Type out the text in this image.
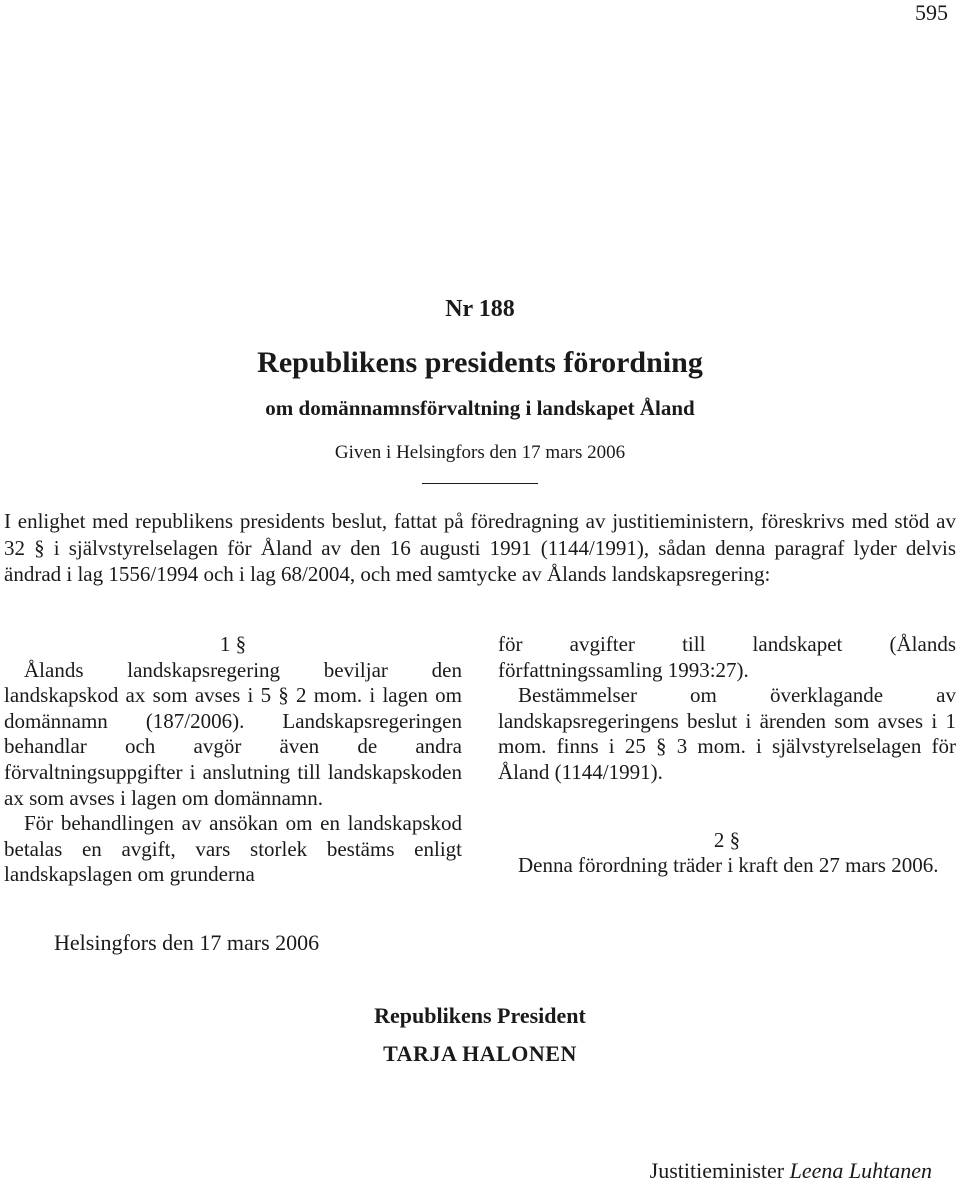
595
Nr 188
Republikens presidents förordning
om domännamnsförvaltning i landskapet Åland
Given i Helsingfors den 17 mars 2006
I enlighet med republikens presidents beslut, fattat på föredragning av justitieministern, föreskrivs med stöd av 32 § i självstyrelselagen för Åland av den 16 augusti 1991 (1144/1991), sådan denna paragraf lyder delvis ändrad i lag 1556/1994 och i lag 68/2004, och med samtycke av Ålands landskapsregering:

1 §

Ålands landskapsregering beviljar den landskapskod ax som avses i 5 § 2 mom. i lagen om domännamn (187/2006). Landskapsregeringen behandlar och avgör även de andra förvaltningsuppgifter i anslutning till landskapskoden ax som avses i lagen om domännamn.

För behandlingen av ansökan om en landskapskod betalas en avgift, vars storlek bestäms enligt landskapslagen om grunderna

för avgifter till landskapet (Ålands författningssamling 1993:27).

Bestämmelser om överklagande av landskapsregeringens beslut i ärenden som avses i 1 mom. finns i 25 § 3 mom. i självstyrelselagen för Åland (1144/1991).

2 §

Denna förordning träder i kraft den 27 mars 2006.

Helsingfors den 17 mars 2006
Republikens President
TARJA HALONEN
Justitieminister Leena Luhtanen
